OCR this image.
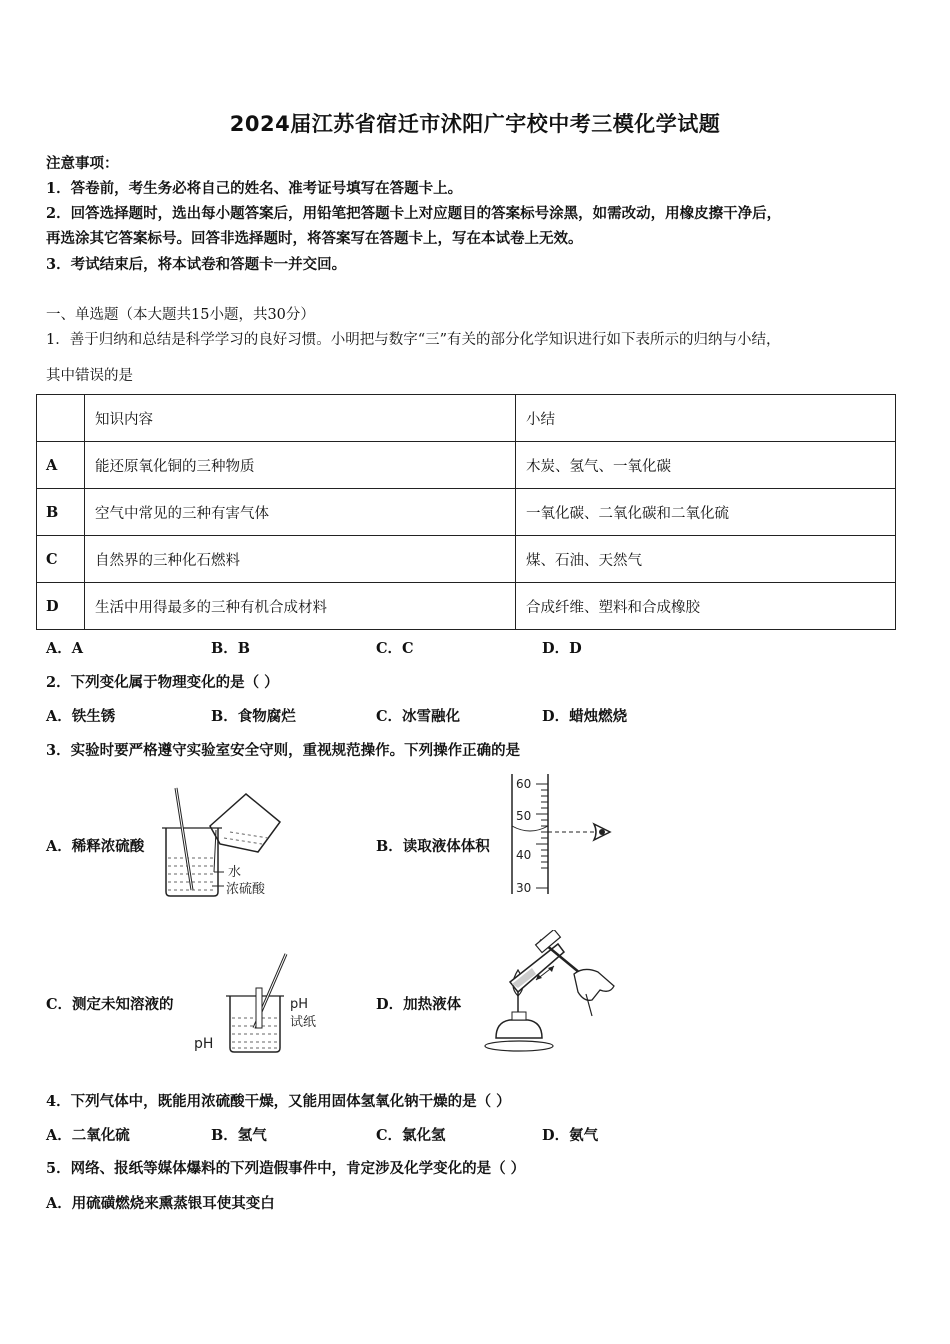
2024届江苏省宿迁市沭阳广宇校中考三模化学试题
注意事项：
1．答卷前，考生务必将自己的姓名、准考证号填写在答题卡上。
2．回答选择题时，选出每小题答案后，用铅笔把答题卡上对应题目的答案标号涂黑，如需改动，用橡皮擦干净后，
再选涂其它答案标号。回答非选择题时，将答案写在答题卡上，写在本试卷上无效。
3．考试结束后，将本试卷和答题卡一并交回。
一、单选题（本大题共15小题，共30分）
1．善于归纳和总结是科学学习的良好习惯。小明把与数字“三”有关的部分化学知识进行如下表所示的归纳与小结，
其中错误的是
	知识内容	小结
A	能还原氧化铜的三种物质	木炭、氢气、一氧化碳
B	空气中常见的三种有害气体	一氧化碳、二氧化碳和二氧化硫
C	自然界的三种化石燃料	煤、石油、天然气
D	生活中用得最多的三种有机合成材料	合成纤维、塑料和合成橡胶
A．A	B．B	C．C	D．D
2．下列变化属于物理变化的是（ ）
A．铁生锈	B．食物腐烂	C．冰雪融化	D．蜡烛燃烧
3．实验时要严格遵守实验室安全守则，重视规范操作。下列操作正确的是
A．稀释浓硫酸	B．读取液体体积
C．测定未知溶液的	D．加热液体
水
浓硫酸
60
50
40
30
pH
试纸
pH
4．下列气体中，既能用浓硫酸干燥，又能用固体氢氧化钠干燥的是（ ）
A．二氧化硫	B．氢气	C．氯化氢	D．氨气
5．网络、报纸等媒体爆料的下列造假事件中，肯定涉及化学变化的是（ ）
A．用硫磺燃烧来熏蒸银耳使其变白
